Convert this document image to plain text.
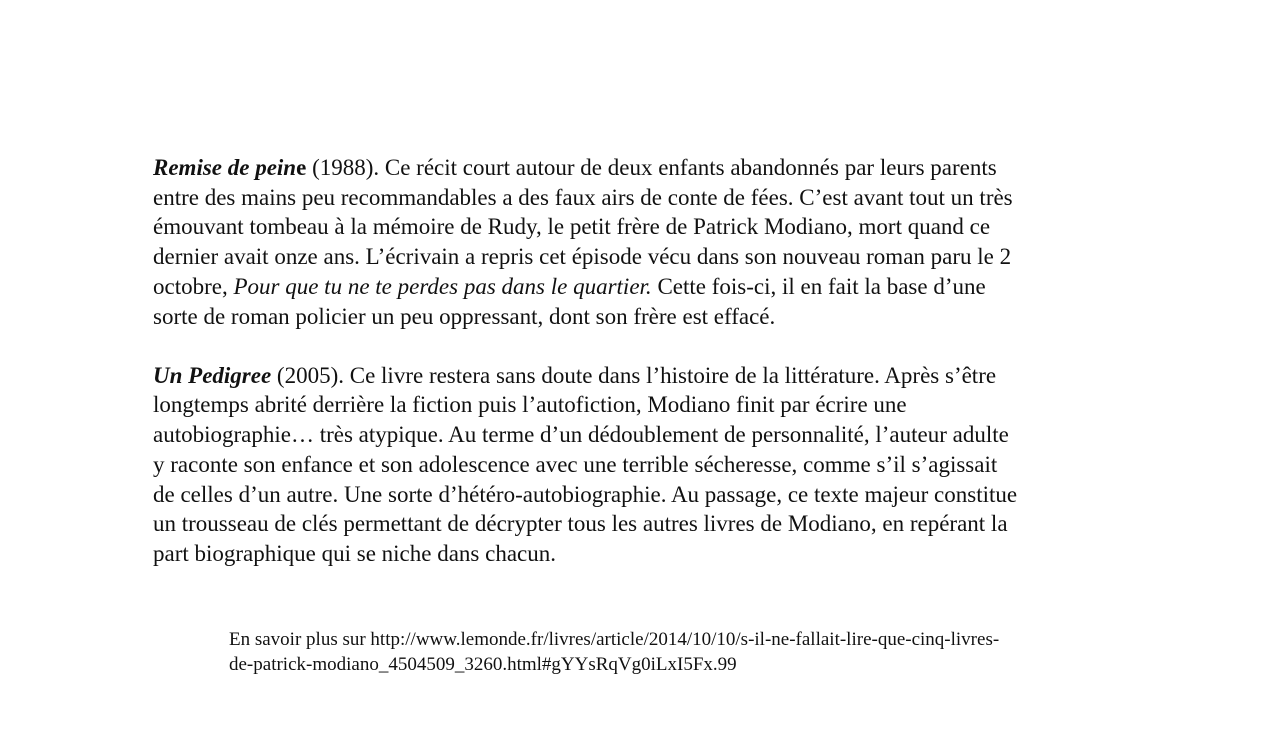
Remise de peine (1988). Ce récit court autour de deux enfants abandonnés par leurs parents
entre des mains peu recommandables a des faux airs de conte de fées. C’est avant tout un très
émouvant tombeau à la mémoire de Rudy, le petit frère de Patrick Modiano, mort quand ce
dernier avait onze ans. L’écrivain a repris cet épisode vécu dans son nouveau roman paru le 2
octobre, Pour que tu ne te perdes pas dans le quartier. Cette fois-ci, il en fait la base d’une
sorte de roman policier un peu oppressant, dont son frère est effacé.

Un Pedigree (2005). Ce livre restera sans doute dans l’histoire de la littérature. Après s’être
longtemps abrité derrière la fiction puis l’autofiction, Modiano finit par écrire une
autobiographie… très atypique. Au terme d’un dédoublement de personnalité, l’auteur adulte
y raconte son enfance et son adolescence avec une terrible sécheresse, comme s’il s’agissait
de celles d’un autre. Une sorte d’hétéro-autobiographie. Au passage, ce texte majeur constitue
un trousseau de clés permettant de décrypter tous les autres livres de Modiano, en repérant la
part biographique qui se niche dans chacun.

En savoir plus sur http://www.lemonde.fr/livres/article/2014/10/10/s-il-ne-fallait-lire-que-cinq-livres-
de-patrick-modiano_4504509_3260.html#gYYsRqVg0iLxI5Fx.99
